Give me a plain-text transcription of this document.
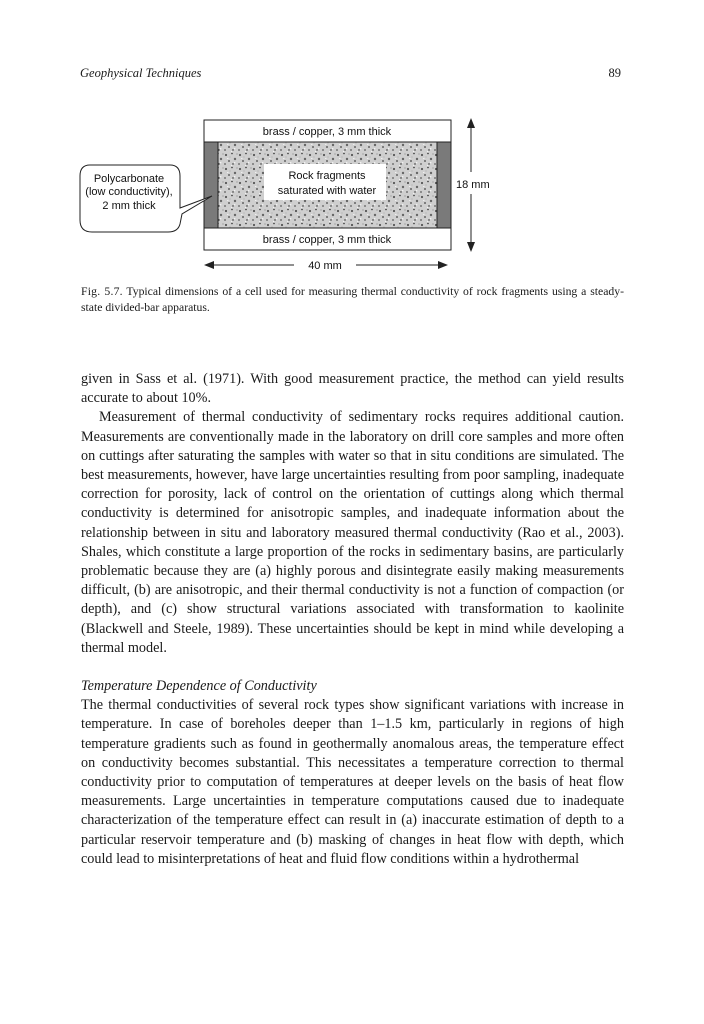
Geophysical Techniques	89
brass / copper, 3 mm thick
Rock fragments
saturated with water
brass / copper, 3 mm thick
Polycarbonate
(low conductivity),
2 mm thick
18 mm
40 mm
Fig. 5.7. Typical dimensions of a cell used for measuring thermal conductivity of rock fragments using a steady-state divided-bar apparatus.

given in Sass et al. (1971). With good measurement practice, the method can yield results accurate to about 10%.

Measurement of thermal conductivity of sedimentary rocks requires additional caution. Measurements are conventionally made in the laboratory on drill core samples and more often on cuttings after saturating the samples with water so that in situ conditions are simulated. The best measurements, however, have large uncertainties resulting from poor sampling, inadequate correction for porosity, lack of control on the orientation of cuttings along which thermal conductivity is determined for anisotropic samples, and inadequate information about the relationship between in situ and laboratory measured thermal conductivity (Rao et al., 2003). Shales, which constitute a large proportion of the rocks in sedimentary basins, are particularly problematic because they are (a) highly porous and disintegrate easily making measurements difficult, (b) are anisotropic, and their thermal conductivity is not a function of compaction (or depth), and (c) show structural variations associated with transformation to kaolinite (Blackwell and Steele, 1989). These uncertainties should be kept in mind while developing a thermal model.

Temperature Dependence of Conductivity

The thermal conductivities of several rock types show significant variations with increase in temperature. In case of boreholes deeper than 1–1.5 km, particularly in regions of high temperature gradients such as found in geothermally anomalous areas, the temperature effect on conductivity becomes substantial. This necessitates a temperature correction to thermal conductivity prior to computation of temperatures at deeper levels on the basis of heat flow measurements. Large uncertainties in temperature computations caused due to inadequate characterization of the temperature effect can result in (a) inaccurate estimation of depth to a particular reservoir temperature and (b) masking of changes in heat flow with depth, which could lead to misinterpretations of heat and fluid flow conditions within a hydrothermal
